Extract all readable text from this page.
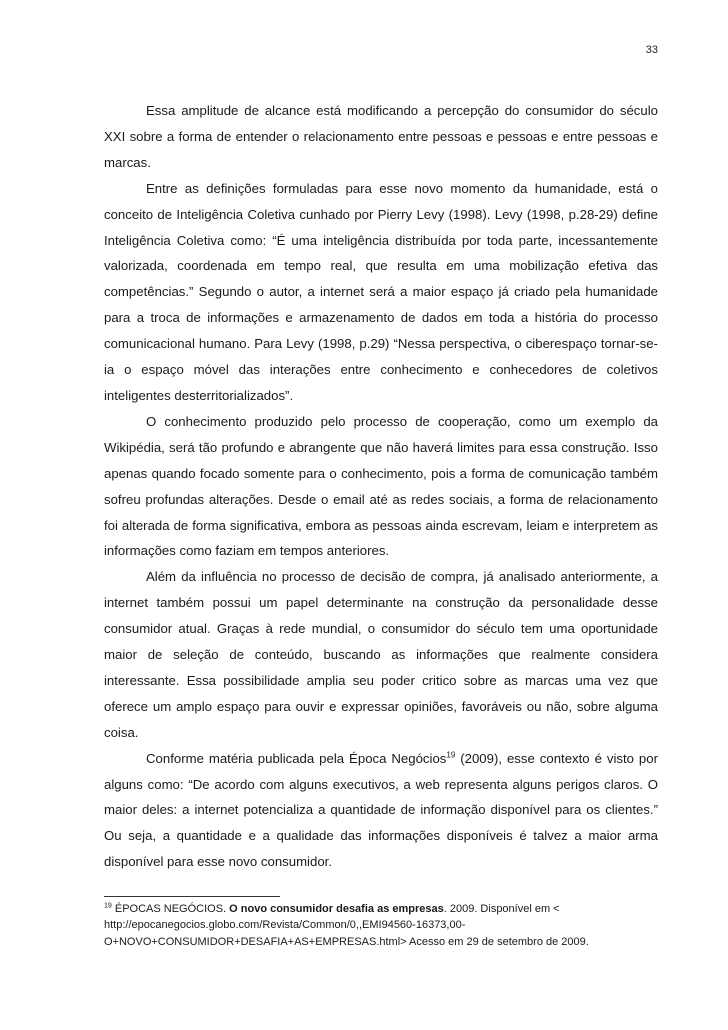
33

Essa amplitude de alcance está modificando a percepção do consumidor do século XXI sobre a forma de entender o relacionamento entre pessoas e pessoas e entre pessoas e marcas.

Entre as definições formuladas para esse novo momento da humanidade, está o conceito de Inteligência Coletiva cunhado por Pierry Levy (1998). Levy (1998, p.28-29) define Inteligência Coletiva como: “É uma inteligência distribuída por toda parte, incessantemente valorizada, coordenada em tempo real, que resulta em uma mobilização efetiva das competências.” Segundo o autor, a internet será a maior espaço já criado pela humanidade para a troca de informações e armazenamento de dados em toda a história do processo comunicacional humano. Para Levy (1998, p.29) “Nessa perspectiva, o ciberespaço tornar-se-ia o espaço móvel das interações entre conhecimento e conhecedores de coletivos inteligentes desterritorializados”.

O conhecimento produzido pelo processo de cooperação, como um exemplo da Wikipédia, será tão profundo e abrangente que não haverá limites para essa construção. Isso apenas quando focado somente para o conhecimento, pois a forma de comunicação também sofreu profundas alterações. Desde o email até as redes sociais, a forma de relacionamento foi alterada de forma significativa, embora as pessoas ainda escrevam, leiam e interpretem as informações como faziam em tempos anteriores.

Além da influência no processo de decisão de compra, já analisado anteriormente, a internet também possui um papel determinante na construção da personalidade desse consumidor atual. Graças à rede mundial, o consumidor do século tem uma oportunidade maior de seleção de conteúdo, buscando as informações que realmente considera interessante. Essa possibilidade amplia seu poder critico sobre as marcas uma vez que oferece um amplo espaço para ouvir e expressar opiniões, favoráveis ou não, sobre alguma coisa.

Conforme matéria publicada pela Época Negócios$^{19}$ (2009), esse contexto é visto por alguns como: “De acordo com alguns executivos, a web representa alguns perigos claros. O maior deles: a internet potencializa a quantidade de informação disponível para os clientes.” Ou seja, a quantidade e a qualidade das informações disponíveis é talvez a maior arma disponível para esse novo consumidor.

$^{19}$ ÉPOCAS NEGÓCIOS. O novo consumidor desafia as empresas. 2009. Disponível em <
http://epocanegocios.globo.com/Revista/Common/0,,EMI94560-16373,00-
O+NOVO+CONSUMIDOR+DESAFIA+AS+EMPRESAS.html> Acesso em 29 de setembro de 2009.
